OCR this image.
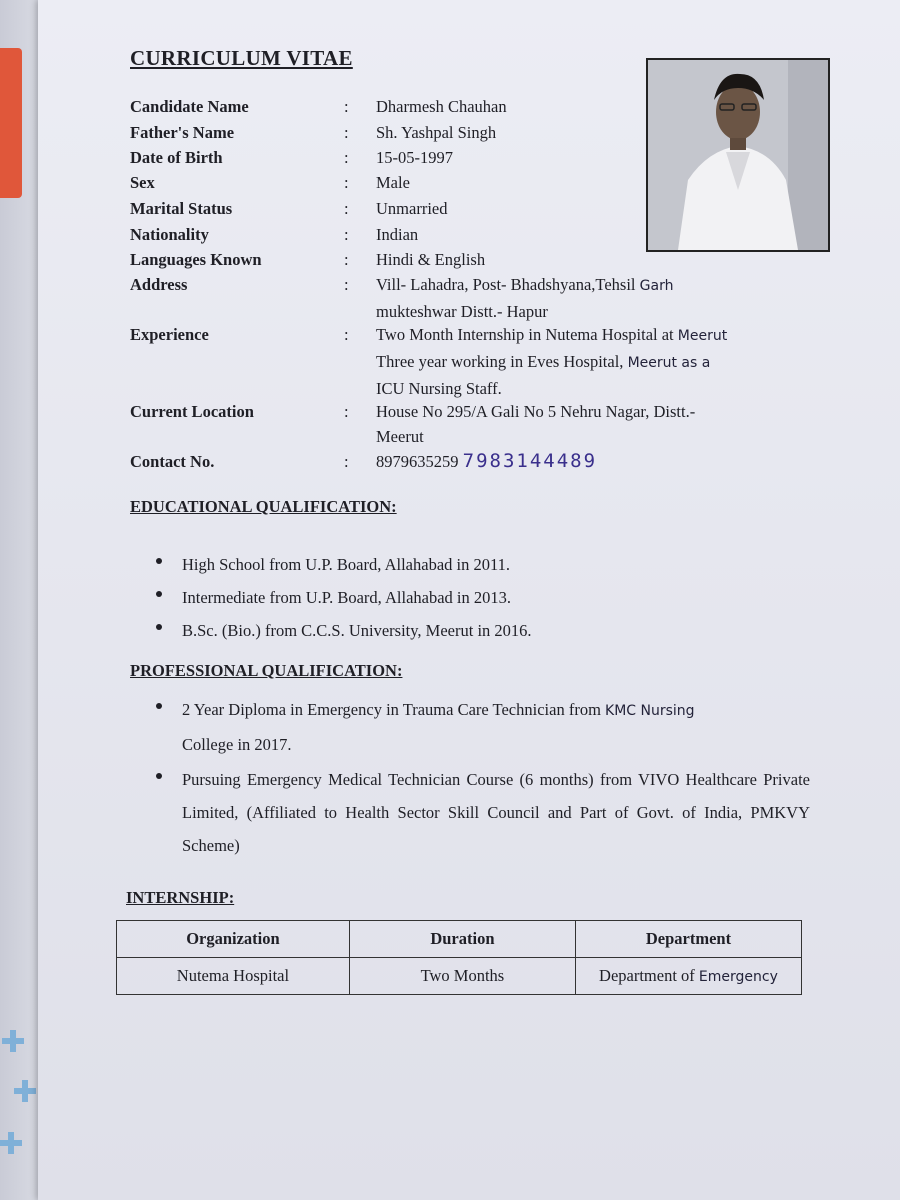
CURRICULUM VITAE
Candidate Name	: Dharmesh Chauhan
Father's Name	: Sh. Yashpal Singh
Date of Birth	: 15-05-1997
Sex	: Male
Marital Status	: Unmarried
Nationality	: Indian
Languages Known	: Hindi & English
Address	: Vill- Lahadra, Post- Bhadshyana,Tehsil Garh
mukteshwar Distt.- Hapur
Experience	: Two Month Internship in Nutema Hospital at Meerut
Three year working in Eves Hospital, Meerut as a
ICU Nursing Staff.
Current Location	: House No 295/A Gali No 5 Nehru Nagar, Distt.-
Meerut
Contact No.	: 8979635259 7983144489
EDUCATIONAL QUALIFICATION:

High School from U.P. Board, Allahabad in 2011.

Intermediate from U.P. Board, Allahabad in 2013.

B.Sc. (Bio.) from C.C.S. University, Meerut in 2016.

PROFESSIONAL QUALIFICATION:

2 Year Diploma in Emergency in Trauma Care Technician from KMC Nursing
College in 2017.

Pursuing Emergency Medical Technician Course (6 months) from VIVO Healthcare Private Limited, (Affiliated to Health Sector Skill Council and Part of Govt. of India, PMKVY Scheme)

INTERNSHIP:
Organization	Duration	Department
Nutema Hospital	Two Months	Department of Emergency
